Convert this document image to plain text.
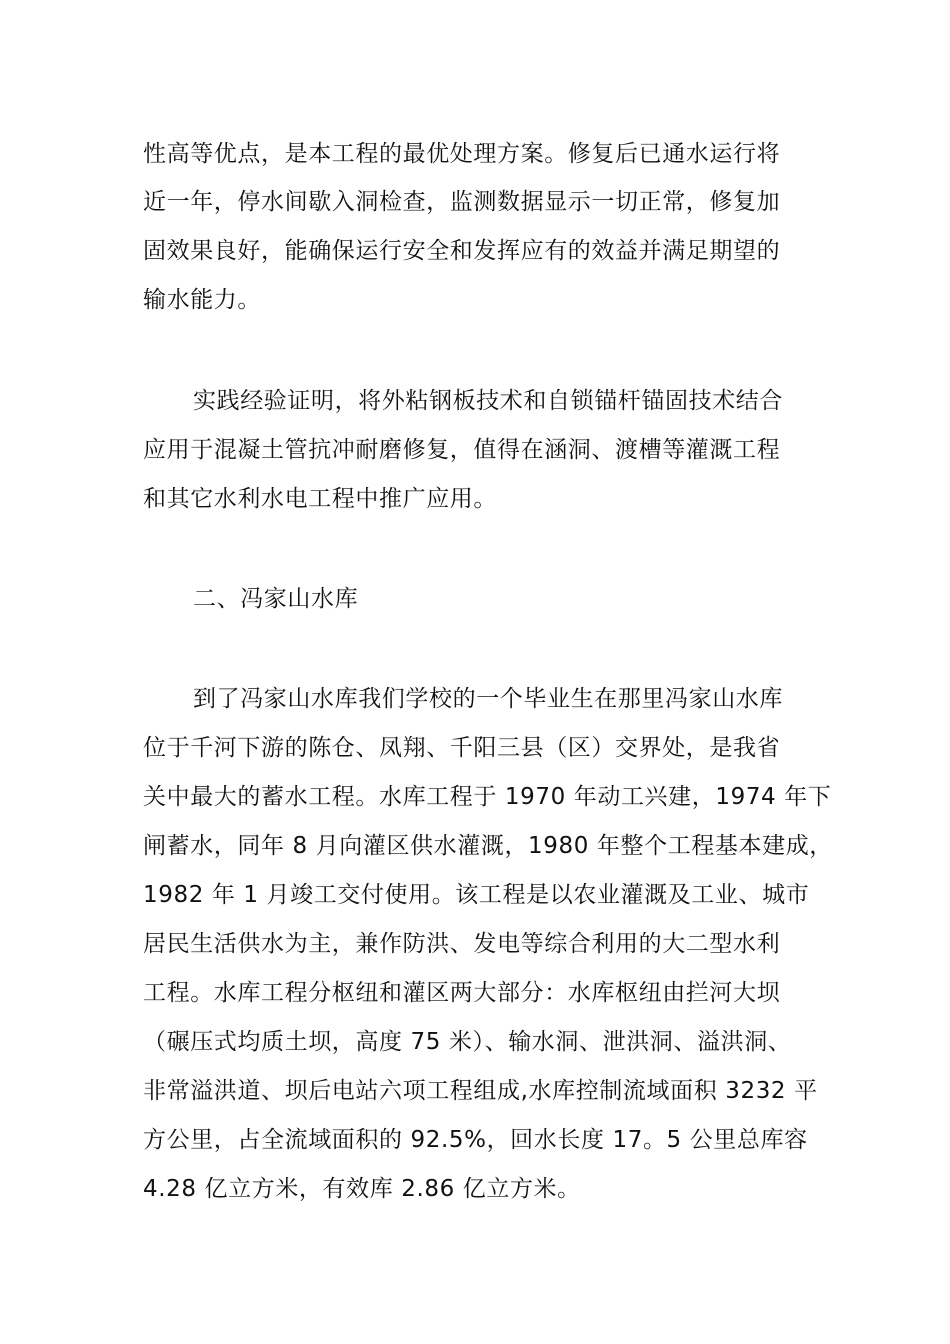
性高等优点，是本工程的最优处理方案。修复后已通水运行将
近一年，停水间歇入洞检查，监测数据显示一切正常，修复加
固效果良好，能确保运行安全和发挥应有的效益并满足期望的
输水能力。
实践经验证明，将外粘钢板技术和自锁锚杆锚固技术结合
应用于混凝土管抗冲耐磨修复，值得在涵洞、渡槽等灌溉工程
和其它水利水电工程中推广应用。
二、冯家山水库
到了冯家山水库我们学校的一个毕业生在那里冯家山水库
位于千河下游的陈仓、凤翔、千阳三县（区）交界处，是我省
关中最大的蓄水工程。水库工程于 1970 年动工兴建，1974 年下
闸蓄水，同年 8 月向灌区供水灌溉，1980 年整个工程基本建成，
1982 年 1 月竣工交付使用。该工程是以农业灌溉及工业、城市
居民生活供水为主，兼作防洪、发电等综合利用的大二型水利
工程。水库工程分枢纽和灌区两大部分：水库枢纽由拦河大坝
（碾压式均质土坝，高度 75 米）、输水洞、泄洪洞、溢洪洞、
非常溢洪道、坝后电站六项工程组成,水库控制流域面积 3232 平
方公里，占全流域面积的 92.5%，回水长度 17。5 公里总库容
4.28 亿立方米，有效库 2.86 亿立方米。
